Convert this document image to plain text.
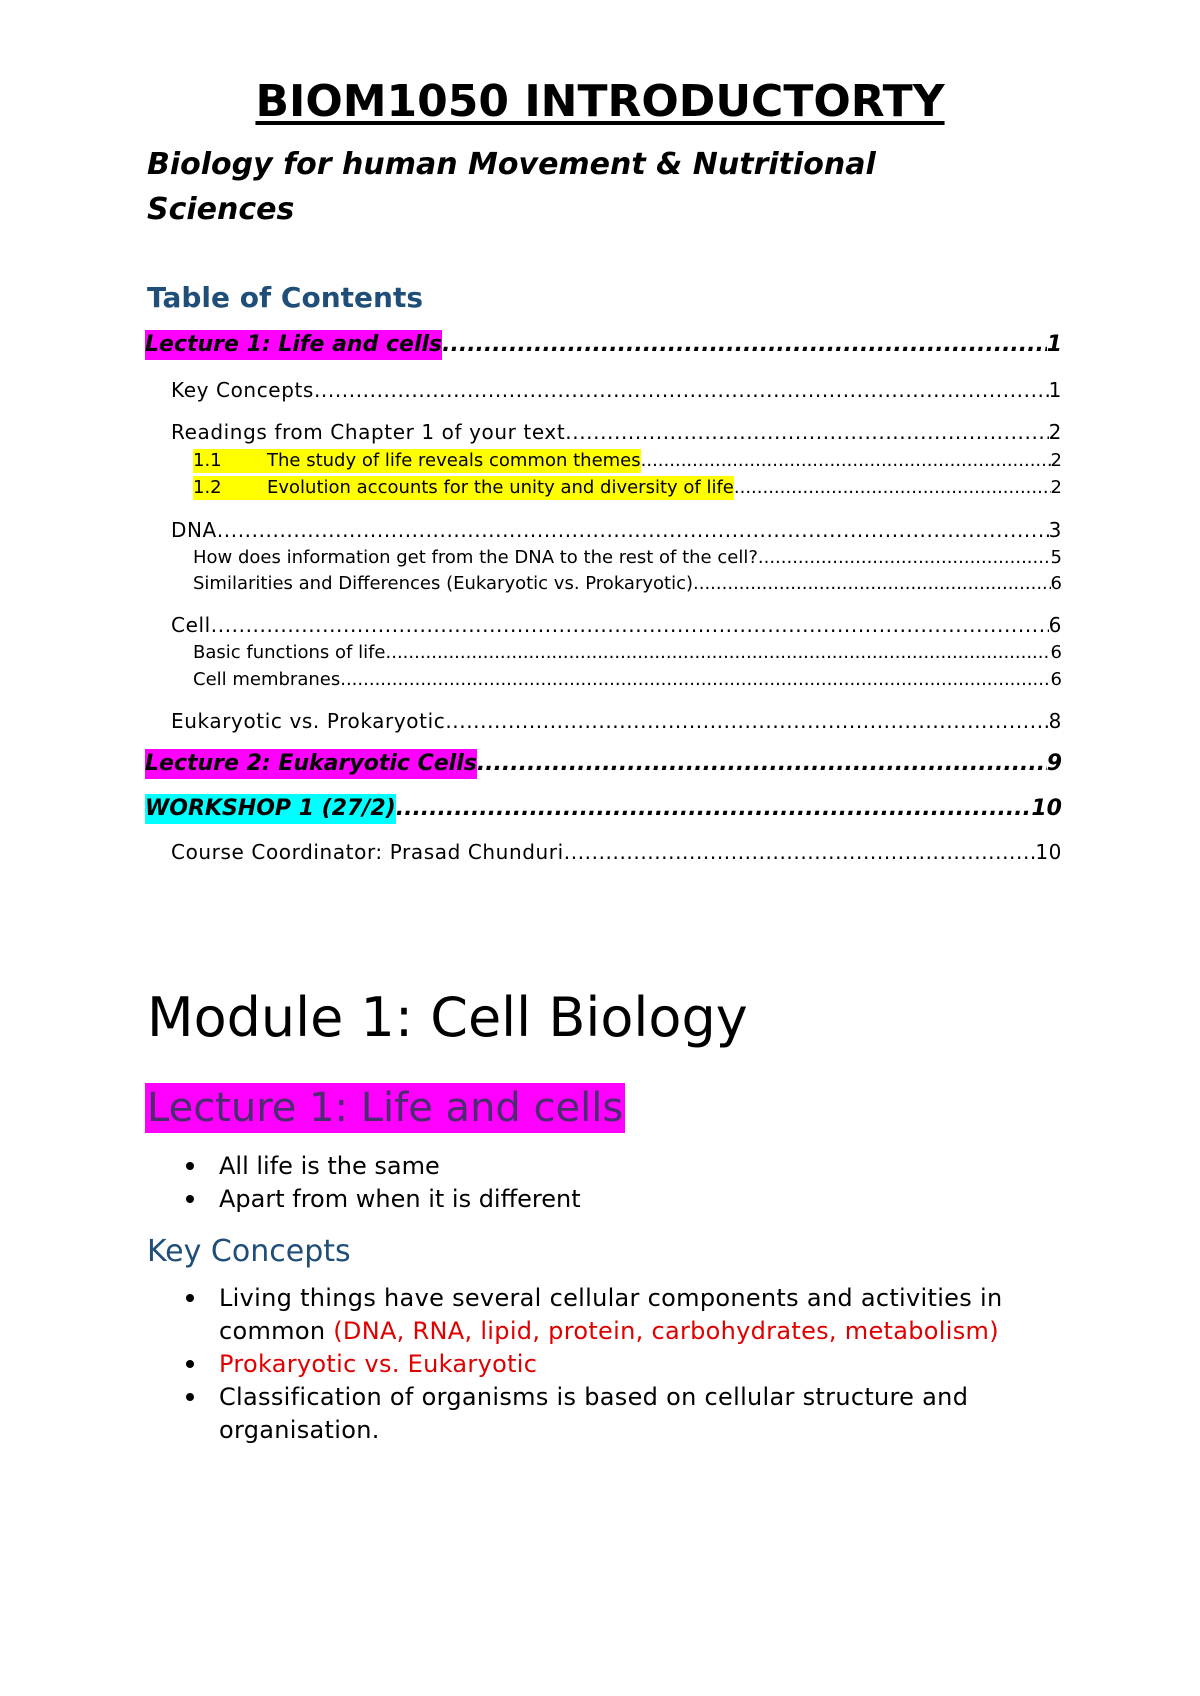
BIOM1050 INTRODUCTORTY
Biology for human Movement & Nutritional Sciences
Table of Contents
Lecture 1: Life and cells .....	1
Key Concepts .....	1
Readings from Chapter 1 of your text .....	2
1.1	The study of life reveals common themes .....	2
1.2	Evolution accounts for the unity and diversity of life .....	2
DNA .....	3
How does information get from the DNA to the rest of the cell? .....	5
Similarities and Differences (Eukaryotic vs. Prokaryotic) .....	6
Cell .....	6
Basic functions of life .....	6
Cell membranes .....	6
Eukaryotic vs. Prokaryotic .....	8
Lecture 2: Eukaryotic Cells .....	9
WORKSHOP 1 (27/2) .....	10
Course Coordinator: Prasad Chunduri .....	10
Module 1: Cell Biology
Lecture 1: Life and cells
All life is the same
Apart from when it is different
Key Concepts
Living things have several cellular components and activities in common (DNA, RNA, lipid, protein, carbohydrates, metabolism)
Prokaryotic vs. Eukaryotic
Classification of organisms is based on cellular structure and organisation.
